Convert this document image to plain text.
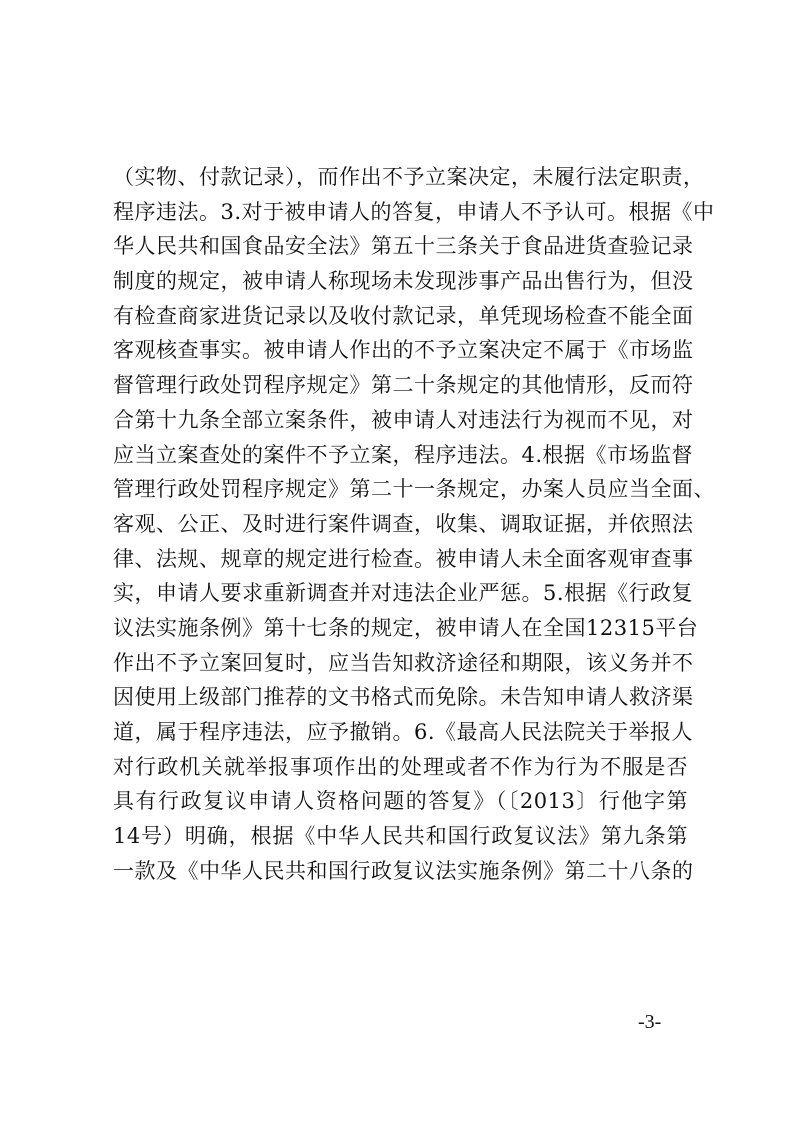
（实物、付款记录），而作出不予立案决定，未履行法定职责，
程序违法。3.对于被申请人的答复，申请人不予认可。根据《中
华人民共和国食品安全法》第五十三条关于食品进货查验记录
制度的规定，被申请人称现场未发现涉事产品出售行为，但没
有检查商家进货记录以及收付款记录，单凭现场检查不能全面
客观核查事实。被申请人作出的不予立案决定不属于《市场监
督管理行政处罚程序规定》第二十条规定的其他情形，反而符
合第十九条全部立案条件，被申请人对违法行为视而不见，对
应当立案查处的案件不予立案，程序违法。4.根据《市场监督
管理行政处罚程序规定》第二十一条规定，办案人员应当全面、
客观、公正、及时进行案件调查，收集、调取证据，并依照法
律、法规、规章的规定进行检查。被申请人未全面客观审查事
实，申请人要求重新调查并对违法企业严惩。5.根据《行政复
议法实施条例》第十七条的规定，被申请人在全国12315平台
作出不予立案回复时，应当告知救济途径和期限，该义务并不
因使用上级部门推荐的文书格式而免除。未告知申请人救济渠
道，属于程序违法，应予撤销。6.《最高人民法院关于举报人
对行政机关就举报事项作出的处理或者不作为行为不服是否
具有行政复议申请人资格问题的答复》（〔2013〕行他字第
14号）明确，根据《中华人民共和国行政复议法》第九条第
一款及《中华人民共和国行政复议法实施条例》第二十八条的
-3-
